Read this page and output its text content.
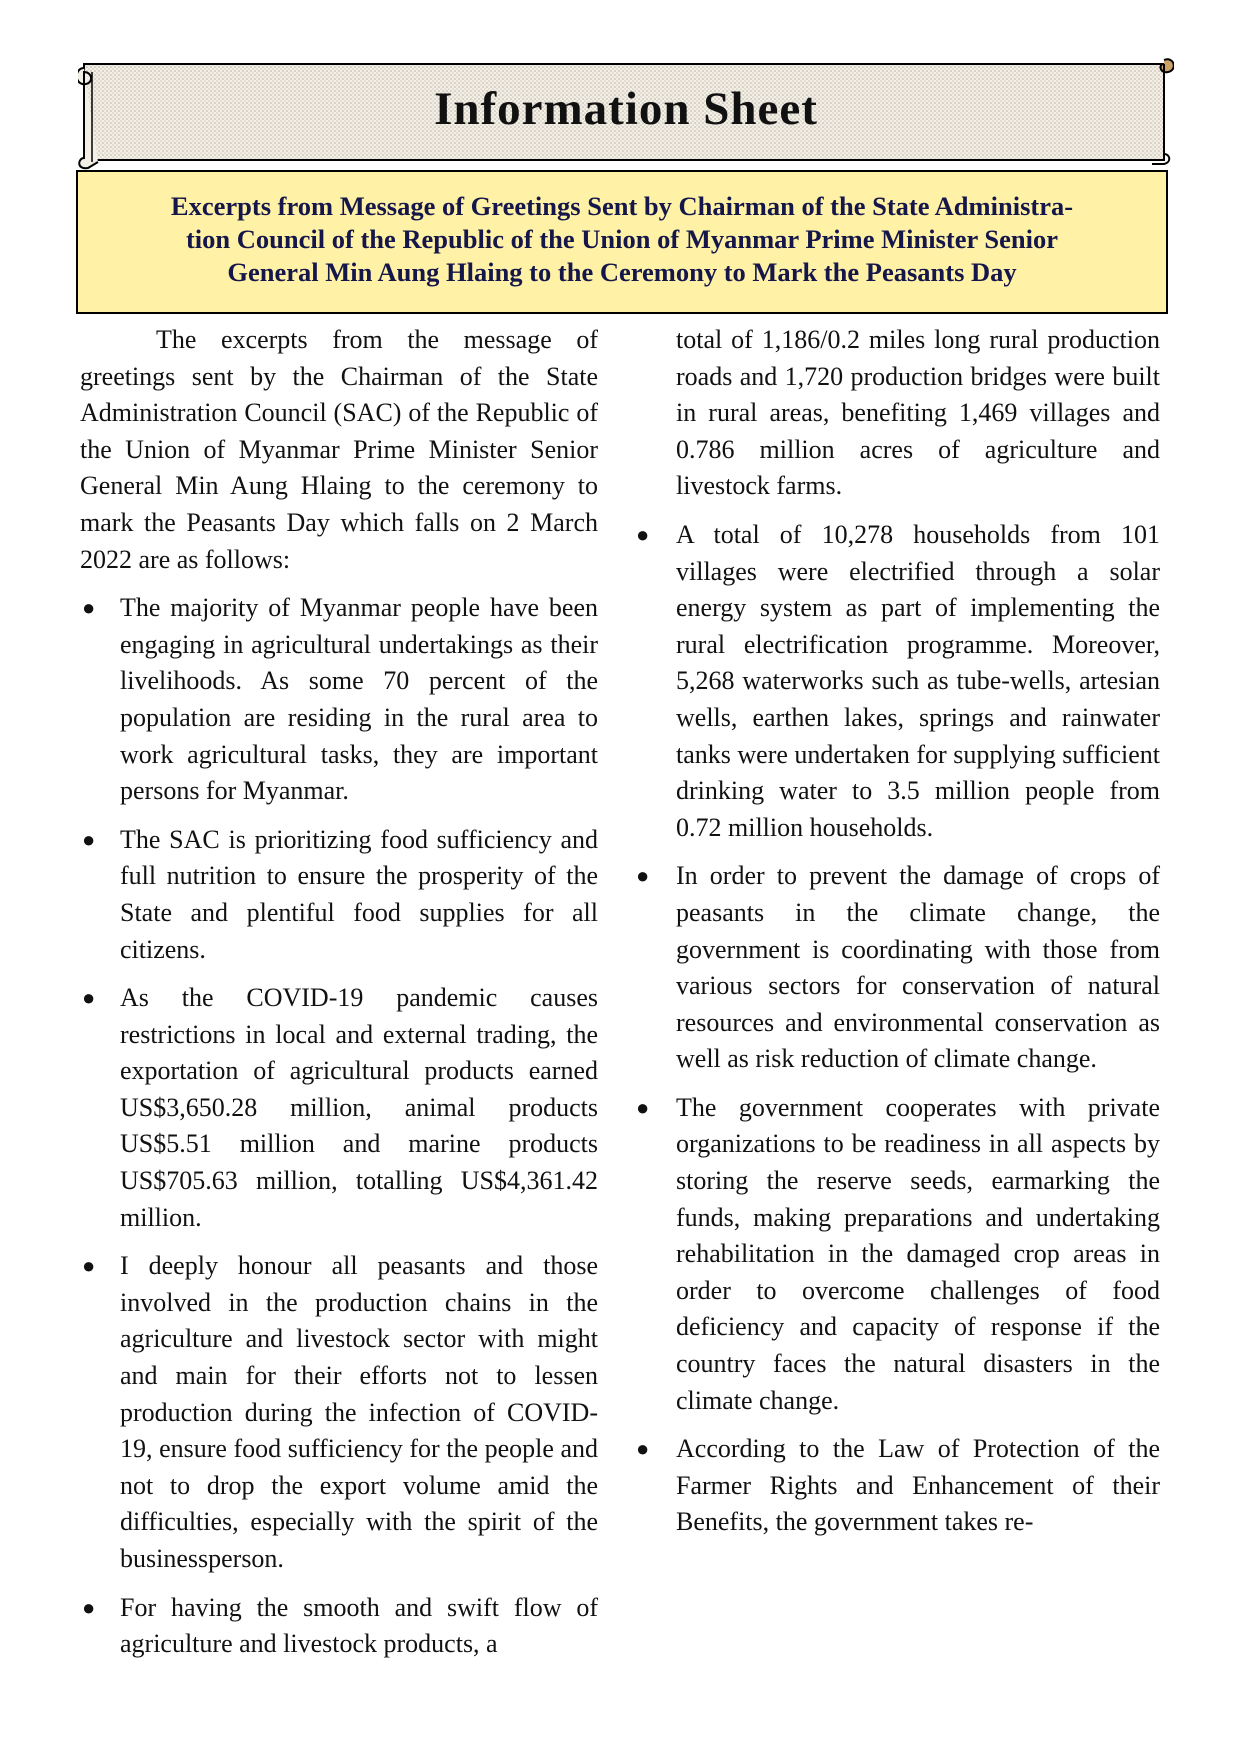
Information Sheet
Excerpts from Message of Greetings Sent by Chairman of the State Administra-
tion Council of the Republic of the Union of Myanmar Prime Minister Senior
General Min Aung Hlaing to the Ceremony to Mark the Peasants Day

The excerpts from the message of greetings sent by the Chairman of the State Administration Council (SAC) of the Republic of the Union of Myanmar Prime Minister Senior General Min Aung Hlaing to the ceremony to mark the Peasants Day which falls on 2 March 2022 are as follows:

● The majority of Myanmar people have been engaging in agricultural undertakings as their livelihoods. As some 70 percent of the population are residing in the rural area to work agricultural tasks, they are important persons for Myanmar.
● The SAC is prioritizing food sufficiency and full nutrition to ensure the prosperity of the State and plentiful food supplies for all citizens.
● As the COVID-19 pandemic causes restrictions in local and external trading, the exportation of agricultural products earned US$3,650.28 million, animal products US$5.51 million and marine products US$705.63 million, totalling US$4,361.42 million.
● I deeply honour all peasants and those involved in the production chains in the agriculture and livestock sector with might and main for their efforts not to lessen production during the infection of COVID-19, ensure food sufficiency for the people and not to drop the export volume amid the difficulties, especially with the spirit of the businessperson.
● For having the smooth and swift flow of agriculture and livestock products, a

total of 1,186/0.2 miles long rural production roads and 1,720 production bridges were built in rural areas, benefiting 1,469 villages and 0.786 million acres of agriculture and livestock farms.

● A total of 10,278 households from 101 villages were electrified through a solar energy system as part of implementing the rural electrification programme. Moreover, 5,268 waterworks such as tube-wells, artesian wells, earthen lakes, springs and rainwater tanks were undertaken for supplying sufficient drinking water to 3.5 million people from 0.72 million households.
● In order to prevent the damage of crops of peasants in the climate change, the government is coordinating with those from various sectors for conservation of natural resources and environmental conservation as well as risk reduction of climate change.
● The government cooperates with private organizations to be readiness in all aspects by storing the reserve seeds, earmarking the funds, making preparations and undertaking rehabilitation in the damaged crop areas in order to overcome challenges of food deficiency and capacity of response if the country faces the natural disasters in the climate change.
● According to the Law of Protection of the Farmer Rights and Enhancement of their Benefits, the government takes re-
